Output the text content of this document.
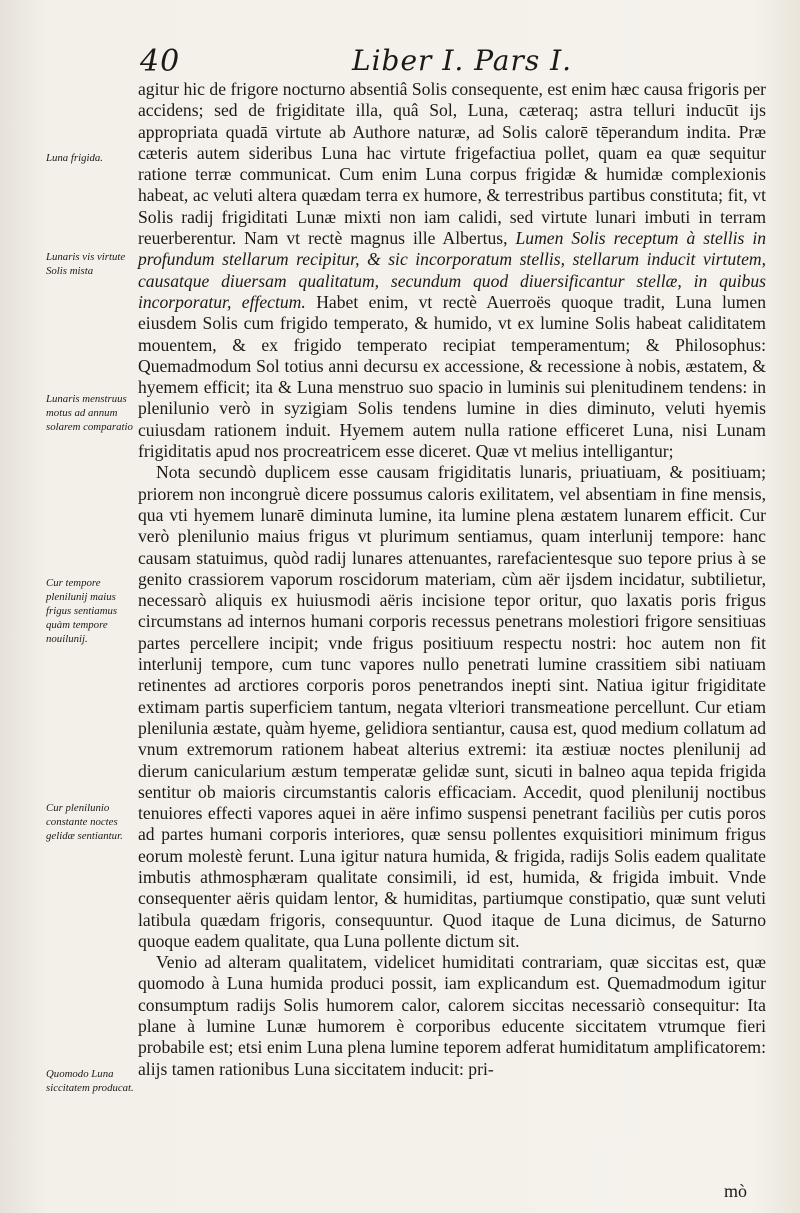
40	Liber I. Pars I.
Luna frigida.
Lunaris vis virtute Solis mista
Lunaris menstruus motus ad annum solarem comparatio
Cur tempore plenilunij maius frigus sentiamus quàm tempore nouilunij.
Cur plenilunio constante noctes gelidæ sentiantur.
Quomodo Luna siccitatem producat.

agitur hic de frigore nocturno absentiâ Solis consequente, est enim hæc causa frigoris per accidens; sed de frigiditate illa, quâ Sol, Luna, cæteraq; astra telluri inducūt ijs appropriata quadā virtute ab Authore naturæ, ad Solis calorē tēperandum indita. Præ cæteris autem sideribus Luna hac virtute frigefactiua pollet, quam ea quæ sequitur ratione terræ communicat. Cum enim Luna corpus frigidæ & humidæ complexionis habeat, ac veluti altera quædam terra ex humore, & terrestribus partibus constituta; fit, vt Solis radij frigiditati Lunæ mixti non iam calidi, sed virtute lunari imbuti in terram reuerberentur. Nam vt rectè magnus ille Albertus, Lumen Solis receptum à stellis in profundum stellarum recipitur, & sic incorporatum stellis, stellarum inducit virtutem, causatque diuersam qualitatum, secundum quod diuersificantur stellæ, in quibus incorporatur, effectum. Habet enim, vt rectè Auerroës quoque tradit, Luna lumen eiusdem Solis cum frigido temperato, & humido, vt ex lumine Solis habeat caliditatem mouentem, & ex frigido temperato recipiat temperamentum; & Philosophus: Quemadmodum Sol totius anni decursu ex accessione, & recessione à nobis, æstatem, & hyemem efficit; ita & Luna menstruo suo spacio in luminis sui plenitudinem tendens: in plenilunio verò in syzigiam Solis tendens lumine in dies diminuto, veluti hyemis cuiusdam rationem induit. Hyemem autem nulla ratione efficeret Luna, nisi Lunam frigiditatis apud nos procreatricem esse diceret. Quæ vt melius intelligantur;

Nota secundò duplicem esse causam frigiditatis lunaris, priuatiuam, & positiuam; priorem non incongruè dicere possumus caloris exilitatem, vel absentiam in fine mensis, qua vti hyemem lunarē diminuta lumine, ita lumine plena æstatem lunarem efficit. Cur verò plenilunio maius frigus vt plurimum sentiamus, quam interlunij tempore: hanc causam statuimus, quòd radij lunares attenuantes, rarefacientesque suo tepore prius à se genito crassiorem vaporum roscidorum materiam, cùm aër ijsdem incidatur, subtilietur, necessarò aliquis ex huiusmodi aëris incisione tepor oritur, quo laxatis poris frigus circumstans ad internos humani corporis recessus penetrans molestiori frigore sensitiuas partes percellere incipit; vnde frigus positiuum respectu nostri: hoc autem non fit interlunij tempore, cum tunc vapores nullo penetrati lumine crassitiem sibi natiuam retinentes ad arctiores corporis poros penetrandos inepti sint. Natiua igitur frigiditate extimam partis superficiem tantum, negata vlteriori transmeatione percellunt. Cur etiam plenilunia æstate, quàm hyeme, gelidiora sentiantur, causa est, quod medium collatum ad vnum extremorum rationem habeat alterius extremi: ita æstiuæ noctes plenilunij ad dierum canicularium æstum temperatæ gelidæ sunt, sicuti in balneo aqua tepida frigida sentitur ob maioris circumstantis caloris efficaciam. Accedit, quod plenilunij noctibus tenuiores effecti vapores aquei in aëre infimo suspensi penetrant faciliùs per cutis poros ad partes humani corporis interiores, quæ sensu pollentes exquisitiori minimum frigus eorum molestè ferunt. Luna igitur natura humida, & frigida, radijs Solis eadem qualitate imbutis athmosphæram qualitate consimili, id est, humida, & frigida imbuit. Vnde consequenter aëris quidam lentor, & humiditas, partiumque constipatio, quæ sunt veluti latibula quædam frigoris, consequuntur. Quod itaque de Luna dicimus, de Saturno quoque eadem qualitate, qua Luna pollente dictum sit.

Venio ad alteram qualitatem, videlicet humiditati contrariam, quæ siccitas est, quæ quomodo à Luna humida produci possit, iam explicandum est. Quemadmodum igitur consumptum radijs Solis humorem calor, calorem siccitas necessariò consequitur: Ita plane à lumine Lunæ humorem è corporibus educente siccitatem vtrumque fieri probabile est; etsi enim Luna plena lumine teporem adferat humiditatum amplificatorem: alijs tamen rationibus Luna siccitatem inducit: pri-

mò
